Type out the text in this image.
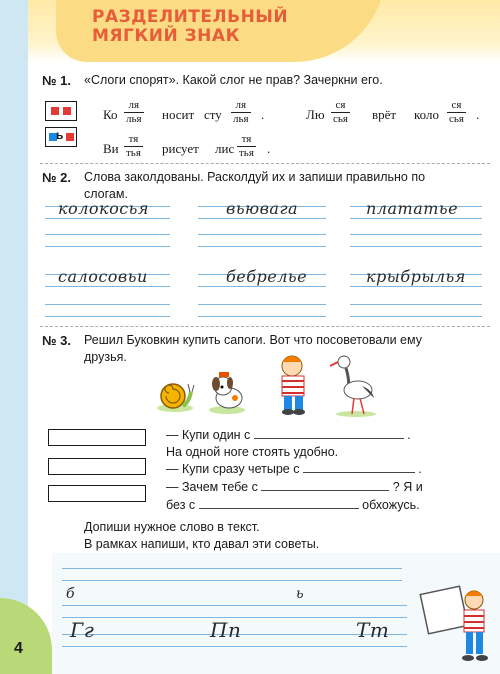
РАЗДЕЛИТЕЛЬНЫЙ
МЯГКИЙ ЗНАК
№ 1. «Слоги спорят». Какой слог не прав? Зачеркни его.
ь
Ко
ля
лья носит сту
ля
лья .	Лю
ся
сья врёт коло
ся
сья .
Ви
тя
тья рисует лис
тя
тья .
№ 2. Слова заколдованы. Расколдуй их и запиши правильно по
слогам.
колокосья	вьювага	плататье
салосовьи	бебрелье	крыбрылья
№ 3. Решил Буковкин купить сапоги. Вот что посоветовали ему
друзья.
— Купи один с	.
На одной ноге стоять удобно.
— Купи сразу четыре с	.
— Зачем тебе с	? Я и
без с	обхожусь.
Допиши нужное слово в текст.
В рамках напиши, кто давал эти советы.
4
б	ь
Гг	Пп	Тт
